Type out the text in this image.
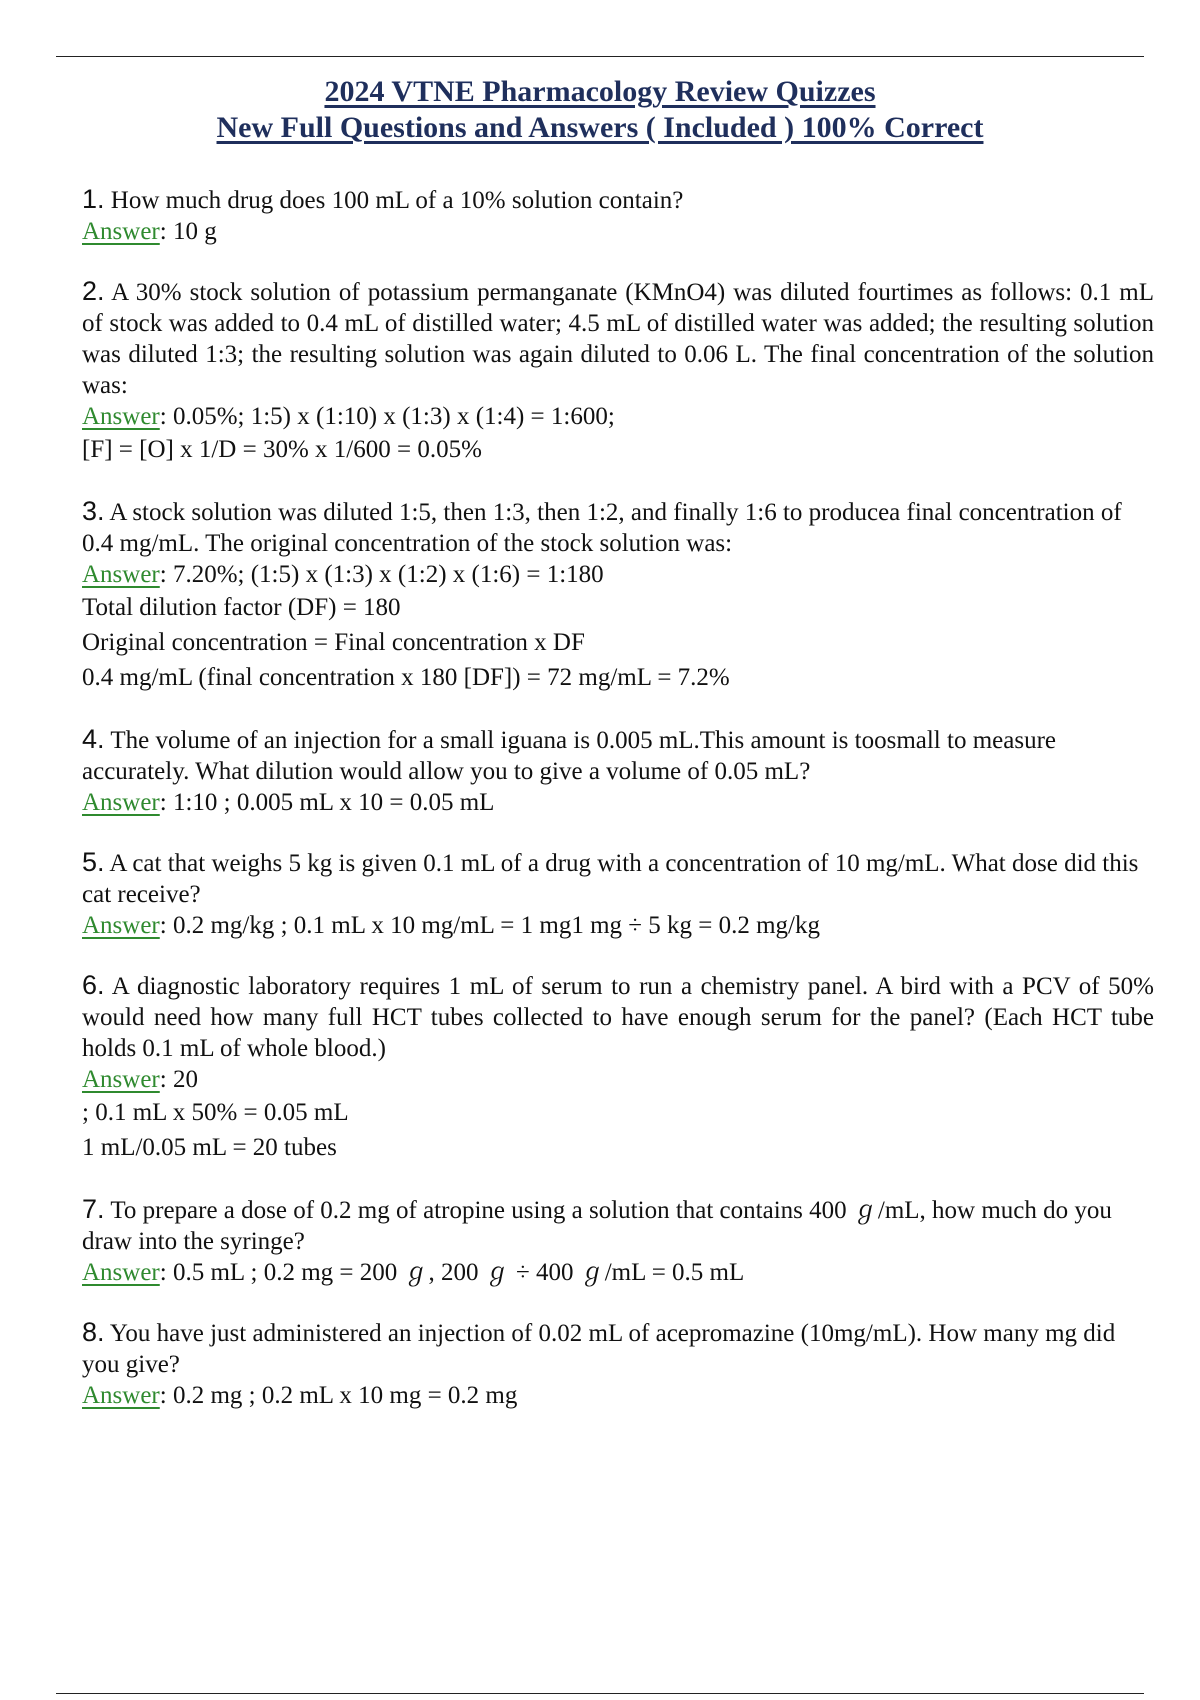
2024 VTNE Pharmacology Review Quizzes
New Full Questions and Answers ( Included ) 100% Correct
1. How much drug does 100 mL of a 10% solution contain?
Answer: 10 g
2. A 30% stock solution of potassium permanganate (KMnO4) was diluted fourtimes as follows: 0.1 mL of stock was added to 0.4 mL of distilled water; 4.5 mL of distilled water was added; the resulting solution was diluted 1:3; the resulting solution was again diluted to 0.06 L. The final concentration of the solution was:
Answer: 0.05%; 1:5) x (1:10) x (1:3) x (1:4) = 1:600;
[F] = [O] x 1/D = 30% x 1/600 = 0.05%
3. A stock solution was diluted 1:5, then 1:3, then 1:2, and finally 1:6 to producea final concentration of 0.4 mg/mL. The original concentration of the stock solution was:
Answer: 7.20%; (1:5) x (1:3) x (1:2) x (1:6) = 1:180
Total dilution factor (DF) = 180
Original concentration = Final concentration x DF
0.4 mg/mL (final concentration x 180 [DF]) = 72 mg/mL = 7.2%
4. The volume of an injection for a small iguana is 0.005 mL.This amount is toosmall to measure accurately. What dilution would allow you to give a volume of 0.05 mL?
Answer: 1:10 ; 0.005 mL x 10 = 0.05 mL
5. A cat that weighs 5 kg is given 0.1 mL of a drug with a concentration of 10 mg/mL. What dose did this cat receive?
Answer: 0.2 mg/kg ; 0.1 mL x 10 mg/mL = 1 mg1 mg ÷ 5 kg = 0.2 mg/kg
6. A diagnostic laboratory requires 1 mL of serum to run a chemistry panel. A bird with a PCV of 50% would need how many full HCT tubes collected to have enough serum for the panel? (Each HCT tube holds 0.1 mL of whole blood.)
Answer: 20
; 0.1 mL x 50% = 0.05 mL
1 mL/0.05 mL = 20 tubes
7. To prepare a dose of 0.2 mg of atropine using a solution that contains 400 ℊ/mL, how much do you draw into the syringe?
Answer: 0.5 mL ; 0.2 mg = 200 ℊ, 200 ℊ ÷ 400 ℊ/mL = 0.5 mL
8. You have just administered an injection of 0.02 mL of acepromazine (10mg/mL). How many mg did you give?
Answer: 0.2 mg ; 0.2 mL x 10 mg = 0.2 mg
